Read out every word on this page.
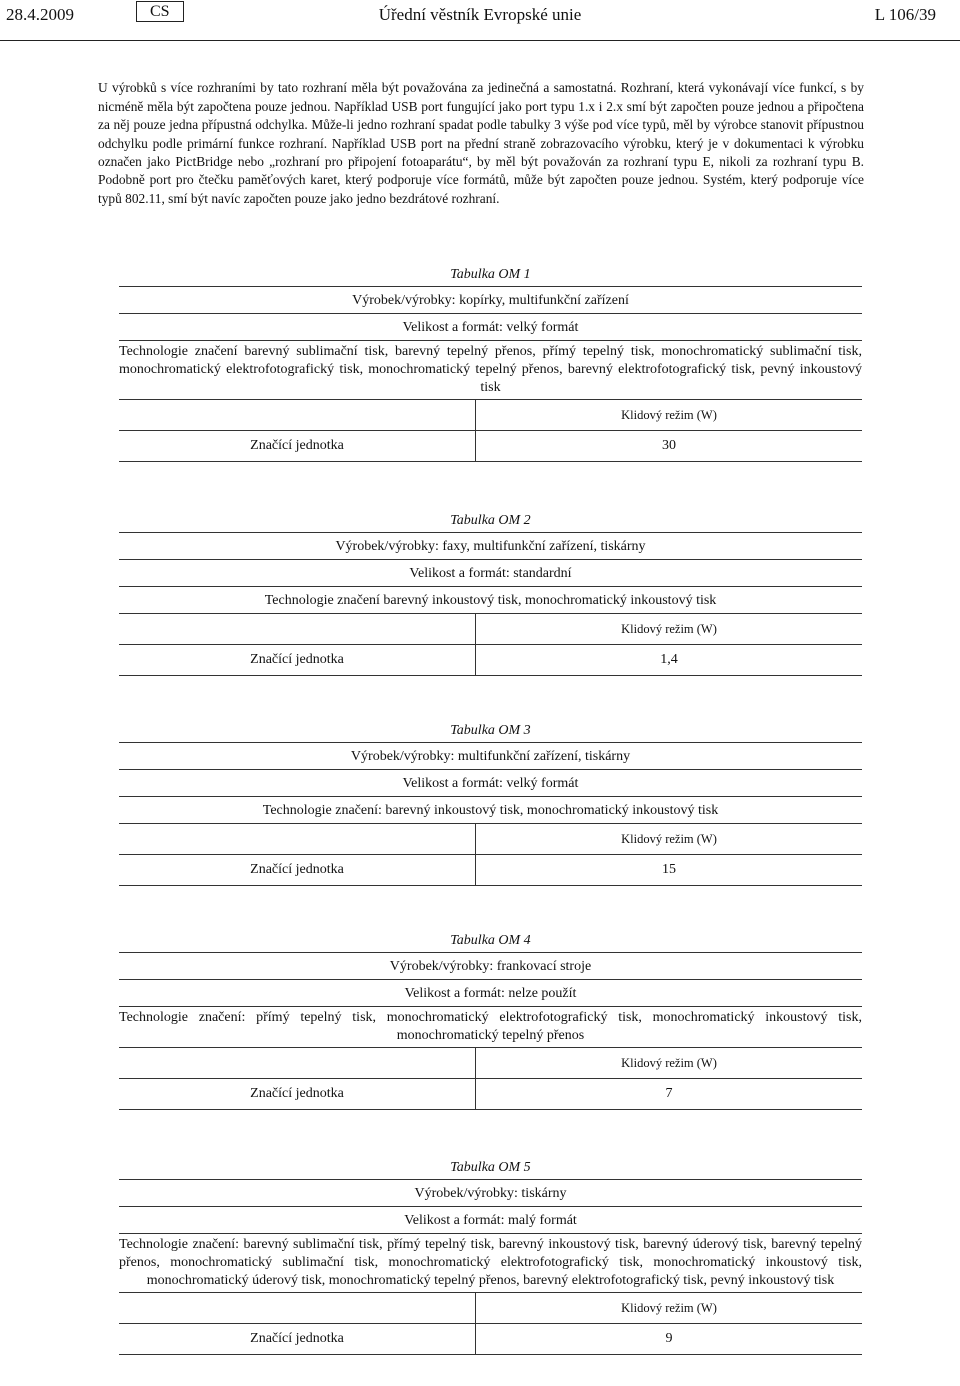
28.4.2009	CS	Úřední věstník Evropské unie	L 106/39

U výrobků s více rozhraními by tato rozhraní měla být považována za jedinečná a samostatná. Rozhraní, která vykonávají více funkcí, s by nicméně měla být započtena pouze jednou. Například USB port fungující jako port typu 1.x i 2.x smí být započten pouze jednou a připočtena za něj pouze jedna přípustná odchylka. Může-li jedno rozhraní spadat podle tabulky 3 výše pod více typů, měl by výrobce stanovit přípustnou odchylku podle primární funkce rozhraní. Například USB port na přední straně zobrazovacího výrobku, který je v dokumentaci k výrobku označen jako PictBridge nebo „rozhraní pro připojení fotoaparátu“, by měl být považován za rozhraní typu E, nikoli za rozhraní typu B. Podobně port pro čtečku paměťových karet, který podporuje více formátů, může být započten pouze jednou. Systém, který podporuje více typů 802.11, smí být navíc započten pouze jako jedno bezdrátové rozhraní.

Tabulka OM 1
Výrobek/výrobky: kopírky, multifunkční zařízení
Velikost a formát: velký formát
Technologie značení barevný sublimační tisk, barevný tepelný přenos, přímý tepelný tisk, monochromatický sublimační tisk, monochromatický elektrofotografický tisk, monochromatický tepelný přenos, barevný elektrofotografický tisk, pevný inkoustový tisk
Klidový režim (W)
Značící jednotka	30
Tabulka OM 2
Výrobek/výrobky: faxy, multifunkční zařízení, tiskárny
Velikost a formát: standardní
Technologie značení barevný inkoustový tisk, monochromatický inkoustový tisk
Klidový režim (W)
Značící jednotka	1,4
Tabulka OM 3
Výrobek/výrobky: multifunkční zařízení, tiskárny
Velikost a formát: velký formát
Technologie značení: barevný inkoustový tisk, monochromatický inkoustový tisk
Klidový režim (W)
Značící jednotka	15
Tabulka OM 4
Výrobek/výrobky: frankovací stroje
Velikost a formát: nelze použít
Technologie značení: přímý tepelný tisk, monochromatický elektrofotografický tisk, monochromatický inkoustový tisk, monochromatický tepelný přenos
Klidový režim (W)
Značící jednotka	7
Tabulka OM 5
Výrobek/výrobky: tiskárny
Velikost a formát: malý formát
Technologie značení: barevný sublimační tisk, přímý tepelný tisk, barevný inkoustový tisk, barevný úderový tisk, barevný tepelný přenos, monochromatický sublimační tisk, monochromatický elektrofotografický tisk, monochromatický inkoustový tisk, monochromatický úderový tisk, monochromatický tepelný přenos, barevný elektrofotografický tisk, pevný inkoustový tisk
Klidový režim (W)
Značící jednotka	9
